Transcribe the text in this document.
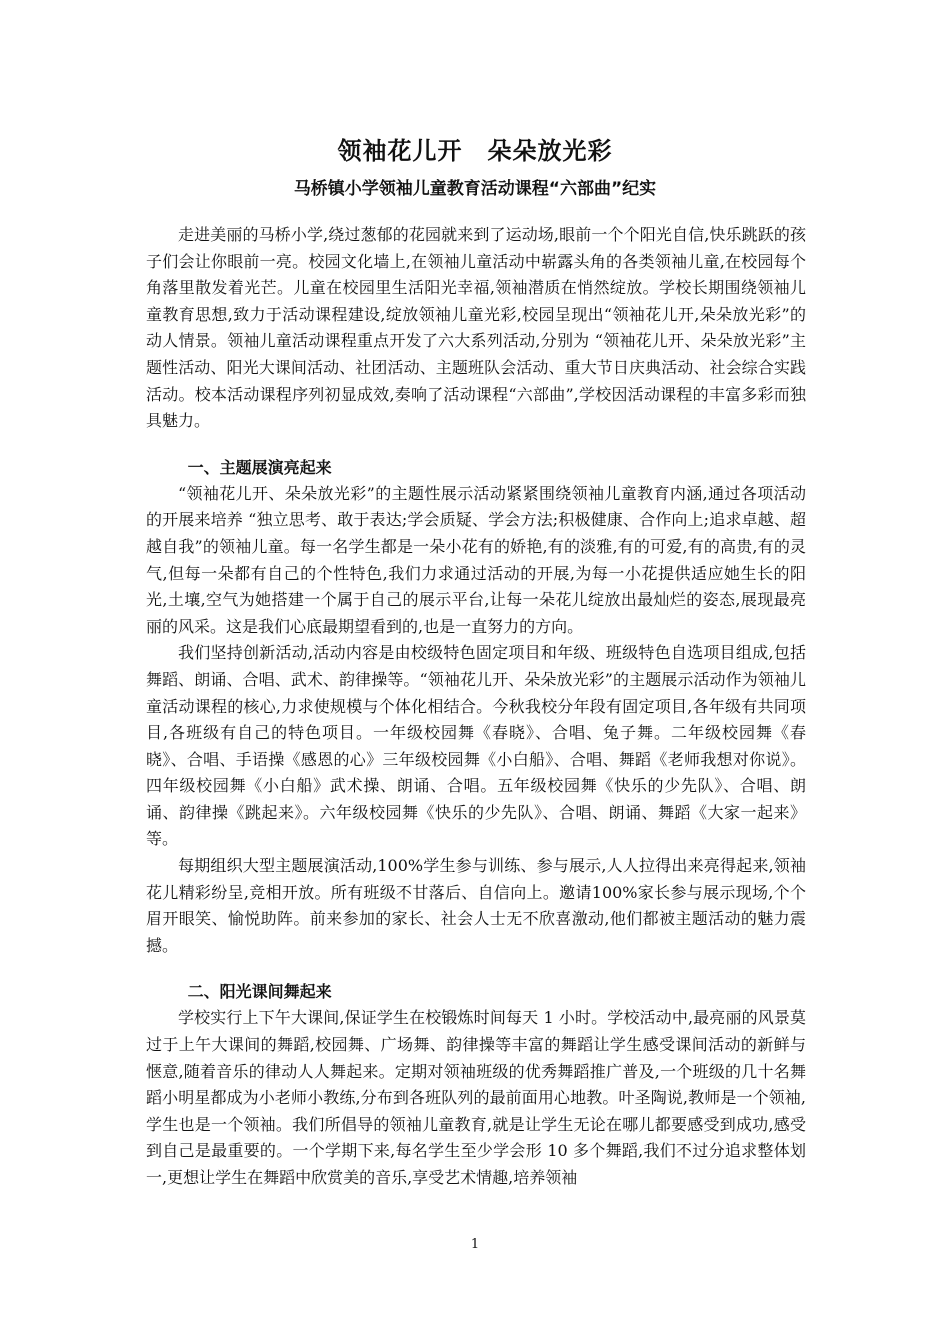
领袖花儿开　朵朵放光彩
马桥镇小学领袖儿童教育活动课程“六部曲”纪实

走进美丽的马桥小学,绕过葱郁的花园就来到了运动场,眼前一个个阳光自信,快乐跳跃的孩子们会让你眼前一亮。校园文化墙上,在领袖儿童活动中崭露头角的各类领袖儿童,在校园每个角落里散发着光芒。儿童在校园里生活阳光幸福,领袖潜质在悄然绽放。学校长期围绕领袖儿童教育思想,致力于活动课程建设,绽放领袖儿童光彩,校园呈现出“领袖花儿开,朵朵放光彩”的动人情景。领袖儿童活动课程重点开发了六大系列活动,分别为 “领袖花儿开、朵朵放光彩”主题性活动、阳光大课间活动、社团活动、主题班队会活动、重大节日庆典活动、社会综合实践活动。校本活动课程序列初显成效,奏响了活动课程“六部曲”,学校因活动课程的丰富多彩而独具魅力。

一、主题展演亮起来

“领袖花儿开、朵朵放光彩”的主题性展示活动紧紧围绕领袖儿童教育内涵,通过各项活动的开展来培养 “独立思考、敢于表达;学会质疑、学会方法;积极健康、合作向上;追求卓越、超越自我”的领袖儿童。每一名学生都是一朵小花有的娇艳,有的淡雅,有的可爱,有的高贵,有的灵气,但每一朵都有自己的个性特色,我们力求通过活动的开展,为每一小花提供适应她生长的阳光,土壤,空气为她搭建一个属于自己的展示平台,让每一朵花儿绽放出最灿烂的姿态,展现最亮丽的风采。这是我们心底最期望看到的,也是一直努力的方向。

我们坚持创新活动,活动内容是由校级特色固定项目和年级、班级特色自选项目组成,包括舞蹈、朗诵、合唱、武术、韵律操等。“领袖花儿开、朵朵放光彩”的主题展示活动作为领袖儿童活动课程的核心,力求使规模与个体化相结合。今秋我校分年段有固定项目,各年级有共同项目,各班级有自己的特色项目。一年级校园舞《春晓》、合唱、兔子舞。二年级校园舞《春晓》、合唱、手语操《感恩的心》三年级校园舞《小白船》、合唱、舞蹈《老师我想对你说》。四年级校园舞《小白船》武术操、朗诵、合唱。五年级校园舞《快乐的少先队》、合唱、朗诵、韵律操《跳起来》。六年级校园舞《快乐的少先队》、合唱、朗诵、舞蹈《大家一起来》等。

每期组织大型主题展演活动,100%学生参与训练、参与展示,人人拉得出来亮得起来,领袖花儿精彩纷呈,竞相开放。所有班级不甘落后、自信向上。邀请100%家长参与展示现场,个个眉开眼笑、愉悦助阵。前来参加的家长、社会人士无不欣喜激动,他们都被主题活动的魅力震撼。

二、阳光课间舞起来

学校实行上下午大课间,保证学生在校锻炼时间每天 1 小时。学校活动中,最亮丽的风景莫过于上午大课间的舞蹈,校园舞、广场舞、韵律操等丰富的舞蹈让学生感受课间活动的新鲜与惬意,随着音乐的律动人人舞起来。定期对领袖班级的优秀舞蹈推广普及,一个班级的几十名舞蹈小明星都成为小老师小教练,分布到各班队列的最前面用心地教。叶圣陶说,教师是一个领袖,学生也是一个领袖。我们所倡导的领袖儿童教育,就是让学生无论在哪儿都要感受到成功,感受到自己是最重要的。一个学期下来,每名学生至少学会形 10 多个舞蹈,我们不过分追求整体划一,更想让学生在舞蹈中欣赏美的音乐,享受艺术情趣,培养领袖

1
